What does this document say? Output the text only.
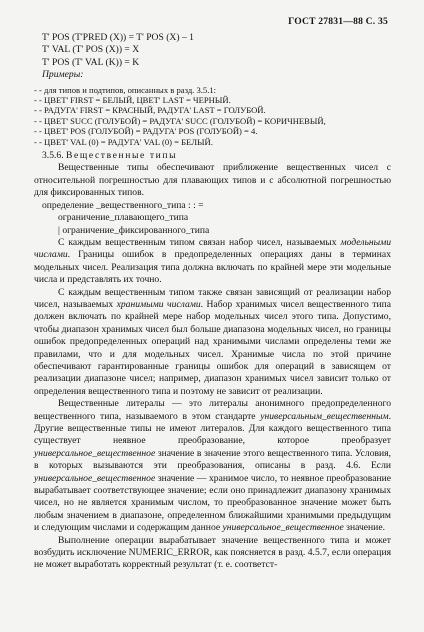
ГОСТ 27831—88 С. 35
T' POS (T'PRED (X)) = T' POS (X) – 1
T' VAL (T' POS (X)) = X
T' POS (T' VAL (K)) = K
Примеры:
- - для типов и подтипов, описанных в разд. 3.5.1:
- - ЦВЕТ' FIRST = БЕЛЫЙ, ЦВЕТ' LAST = ЧЕРНЫЙ.
- - РАДУГА' FIRST = КРАСНЫЙ, РАДУГА' LAST = ГОЛУБОЙ.
- - ЦВЕТ' SUCC (ГОЛУБОЙ) = РАДУГА' SUCC (ГОЛУБОЙ) = КОРИЧНЕВЫЙ,
- - ЦВЕТ' POS (ГОЛУБОЙ) = РАДУГА' POS (ГОЛУБОЙ) = 4.
- - ЦВЕТ' VAL (0) = РАДУГА' VAL (0) = БЕЛЫЙ.
3.5.6. Вещественные типы

Вещественные типы обеспечивают приближение вещественных чисел с относительной погрешностью для плавающих типов и с абсолютной погрешностью для фиксированных типов.

определение _вещественного_типа : : =
ограничение_плавающего_типа
| ограничение_фиксированного_типа

С каждым вещественным типом связан набор чисел, называемых модельными числами. Границы ошибок в предопределенных операциях даны в терминах модельных чисел. Реализация типа должна включать по крайней мере эти модельные числа и представлять их точно.

С каждым вещественным типом также связан зависящий от реализации набор чисел, называемых хранимыми числами. Набор хранимых чисел вещественного типа должен включать по крайней мере набор модельных чисел этого типа. Допустимо, чтобы диапазон хранимых чисел был больше диапазона модельных чисел, но границы ошибок предопределенных операций над хранимыми числами определены теми же правилами, что и для модельных чисел. Хранимые числа по этой причине обеспечивают гарантированные границы ошибок для операций в зависящем от реализации диапазоне чисел; например, диапазон хранимых чисел зависит только от определения вещественного типа и поэтому не зависит от реализации.

Вещественные литералы — это литералы анонимного предопределенного вещественного типа, называемого в этом стандарте универсальным_вещественным. Другие вещественные типы не имеют литералов. Для каждого вещественного типа существует неявное преобразование, которое преобразует универсальное_вещественное значение в значение этого вещественного типа. Условия, в которых вызываются эти преобразования, описаны в разд. 4.6. Если универсальное_вещественное значение — хранимое число, то неявное преобразование вырабатывает соответствующее значение; если оно принадлежит диапазону хранимых чисел, но не является хранимым числом, то преобразованное значение может быть любым значением в диапазоне, определенном ближайшими хранимыми предыдущим и следующим числами и содержащим данное универсальное_вещественное значение.

Выполнение операции вырабатывает значение вещественного типа и может возбудить исключение NUMERIC_ERROR, как поясняется в разд. 4.5.7, если операция не может выработать корректный результат (т. е. соответст-
